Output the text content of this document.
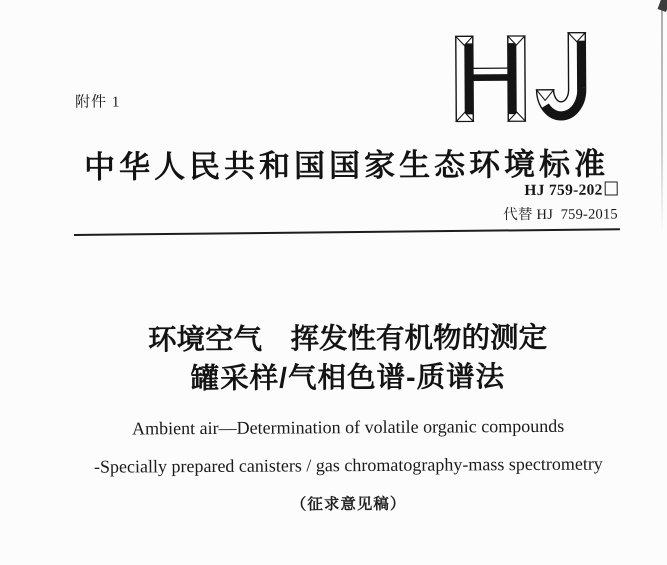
附件 1
中华人民共和国国家生态环境标准
HJ 759-202
代替 HJ  759-2015
环境空气　挥发性有机物的测定
罐采样/气相色谱-质谱法
Ambient air—Determination of volatile organic compounds
-Specially prepared canisters / gas chromatography-mass spectrometry
（征求意见稿）
